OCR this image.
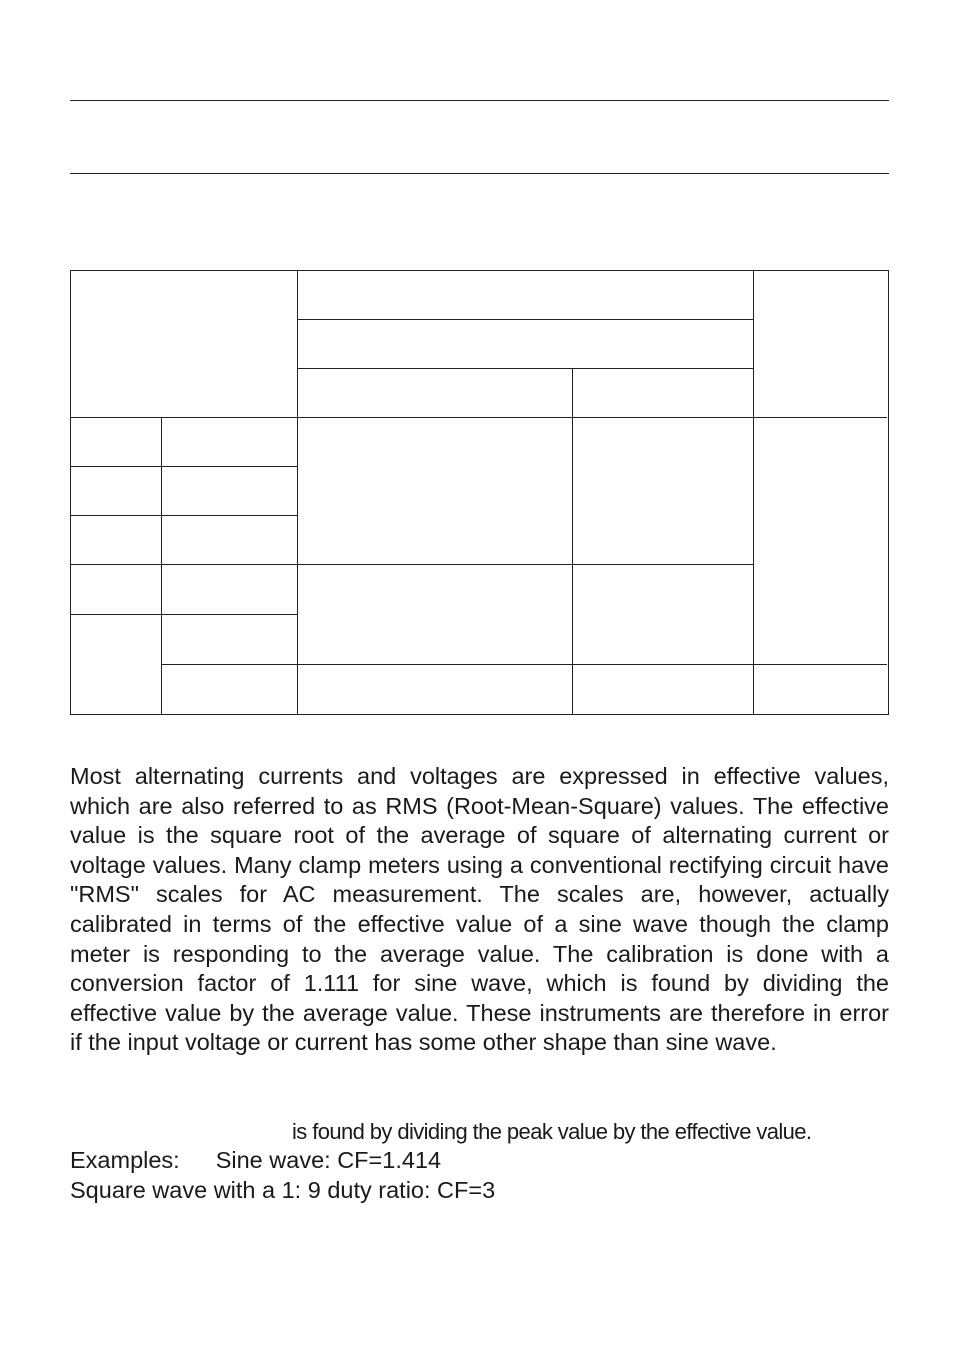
Most alternating currents and voltages are expressed in effective values, which are also referred to as RMS (Root-Mean-Square) values. The effective value is the square root of the average of square of alternating current or voltage values. Many clamp meters using a conventional rectifying circuit have "RMS" scales for AC measurement. The scales are, however, actually calibrated in terms of the effective value of a sine wave though the clamp meter is responding to the average value. The calibration is done with a conversion factor of 1.111 for sine wave, which is found by dividing the effective value by the average value. These instruments are therefore in error if the input voltage or current has some other shape than sine wave.

is found by dividing the peak value by the effective value.

Examples: Sine wave: CF=1.414

Square wave with a 1: 9 duty ratio: CF=3
